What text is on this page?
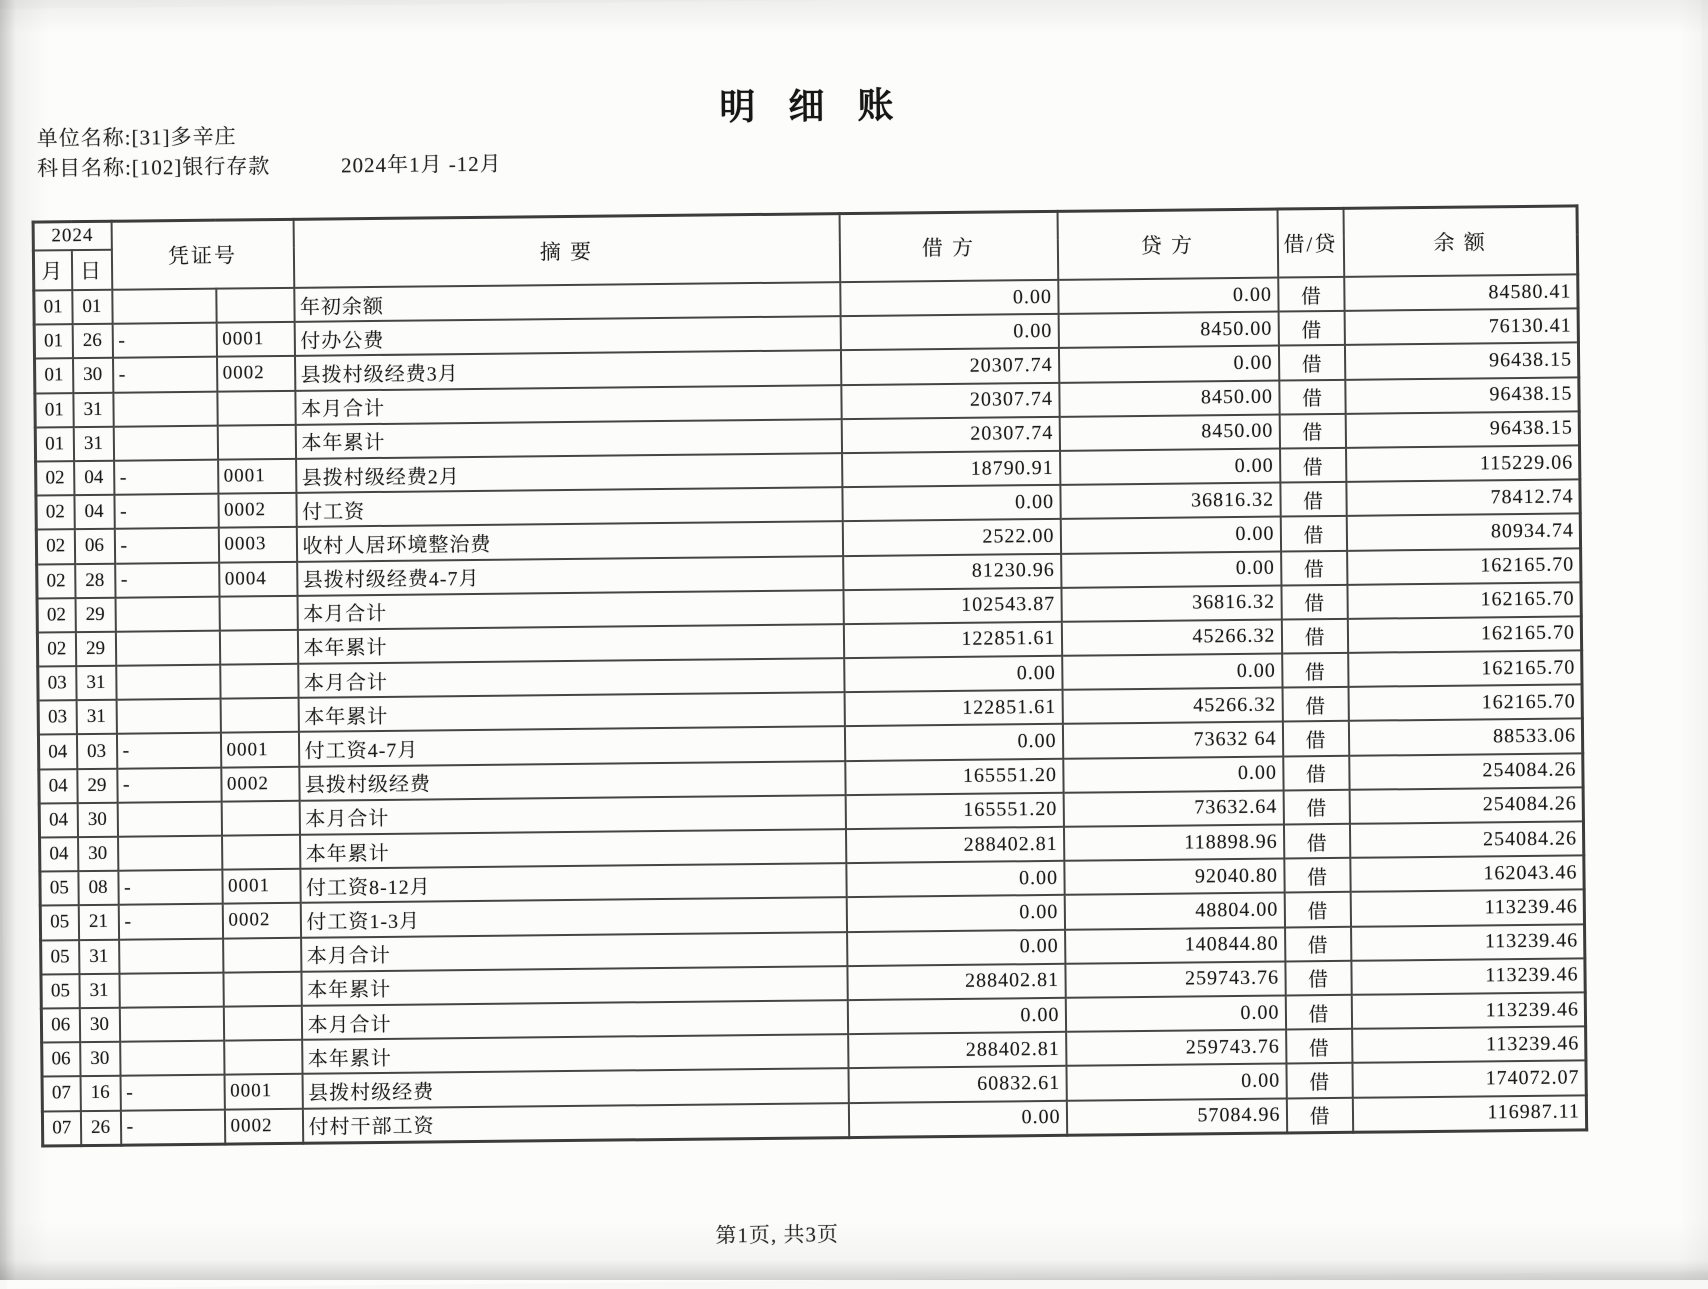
明 细 账
单位名称:[31]多辛庄
科目名称:[102]银行存款	2024年1月 -12月
2024		凭证号		摘 要	借 方	贷 方	借/贷	余 额
月	日							
01	01			年初余额	0.00	0.00	借	84580.41
01	26	-	0001	付办公费	0.00	8450.00	借	76130.41
01	30	-	0002	县拨村级经费3月	20307.74	0.00	借	96438.15
01	31			本月合计	20307.74	8450.00	借	96438.15
01	31			本年累计	20307.74	8450.00	借	96438.15
02	04	-	0001	县拨村级经费2月	18790.91	0.00	借	115229.06
02	04	-	0002	付工资	0.00	36816.32	借	78412.74
02	06	-	0003	收村人居环境整治费	2522.00	0.00	借	80934.74
02	28	-	0004	县拨村级经费4-7月	81230.96	0.00	借	162165.70
02	29			本月合计	102543.87	36816.32	借	162165.70
02	29			本年累计	122851.61	45266.32	借	162165.70
03	31			本月合计	0.00	0.00	借	162165.70
03	31			本年累计	122851.61	45266.32	借	162165.70
04	03	-	0001	付工资4-7月	0.00	73632 64	借	88533.06
04	29	-	0002	县拨村级经费	165551.20	0.00	借	254084.26
04	30			本月合计	165551.20	73632.64	借	254084.26
04	30			本年累计	288402.81	118898.96	借	254084.26
05	08	-	0001	付工资8-12月	0.00	92040.80	借	162043.46
05	21	-	0002	付工资1-3月	0.00	48804.00	借	113239.46
05	31			本月合计	0.00	140844.80	借	113239.46
05	31			本年累计	288402.81	259743.76	借	113239.46
06	30			本月合计	0.00	0.00	借	113239.46
06	30			本年累计	288402.81	259743.76	借	113239.46
07	16	-	0001	县拨村级经费	60832.61	0.00	借	174072.07
07	26	-	0002	付村干部工资	0.00	57084.96	借	116987.11
第1页, 共3页
